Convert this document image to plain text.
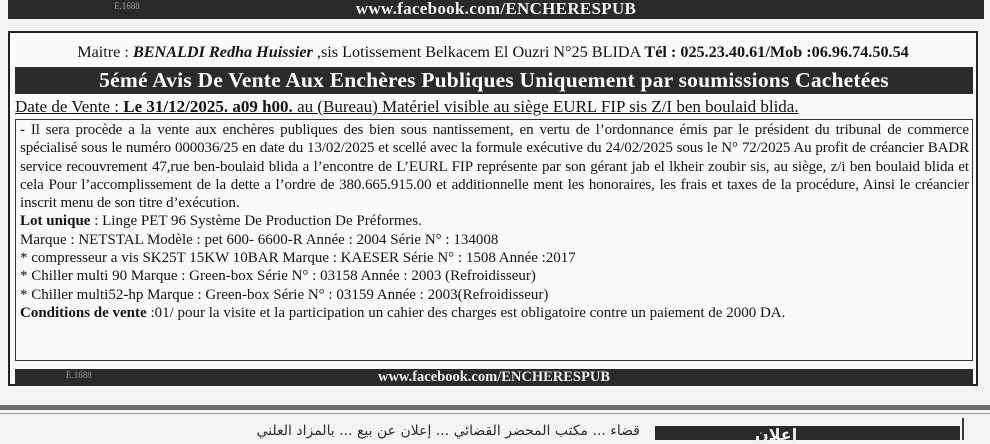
E.1688	www.facebook.com/ENCHERESPUB
Maitre : BENALDI Redha Huissier ,sis Lotissement Belkacem El Ouzri N°25 BLIDA Tél : 025.23.40.61/Mob :06.96.74.50.54
5émé Avis De Vente Aux Enchères Publiques Uniquement par soumissions Cachetées
Date de Vente : Le 31/12/2025. a09 h00. au (Bureau) Matériel visible au siège EURL FIP sis Z/I ben boulaid blida.

- Il sera procède a la vente aux enchères publiques des bien sous nantissement, en vertu de l’ordonnance émis par le président du tribunal de commerce spécialisé sous le numéro 000036/25 en date du 13/02/2025 et scellé avec la formule exécutive du 24/02/2025 sous le N° 72/2025 Au profit de créancier BADR service recouvrement 47,rue ben-boulaid blida a l’encontre de L’EURL FIP représente par son gérant jab el lkheir zoubir sis, au siège, z/i ben boulaid blida et cela Pour l’accomplissement de la dette a l’ordre de 380.665.915.00 et additionnelle ment les honoraires, les frais et taxes de la procédure, Ainsi le créancier inscrit menu de son titre d’exécution.

Lot unique : Linge PET 96 Système De Production De Préformes.

Marque : NETSTAL Modèle : pet 600- 6600-R Année : 2004 Série N° : 134008

* compresseur a vis SK25T 15KW 10BAR Marque : KAESER Série N° : 1508 Année :2017

* Chiller multi 90 Marque : Green-box Série N° : 03158 Année : 2003 (Refroidisseur)

* Chiller multi52-hp Marque : Green-box Série N° : 03159 Année : 2003(Refroidisseur)

Conditions de vente :01/ pour la visite et la participation un cahier des charges est obligatoire contre un paiement de 2000 DA.

E.1688	www.facebook.com/ENCHERESPUB
قضاء ... مكتب المحضر القضائي ... إعلان عن بيع ... بالمزاد العلني	إعلان
